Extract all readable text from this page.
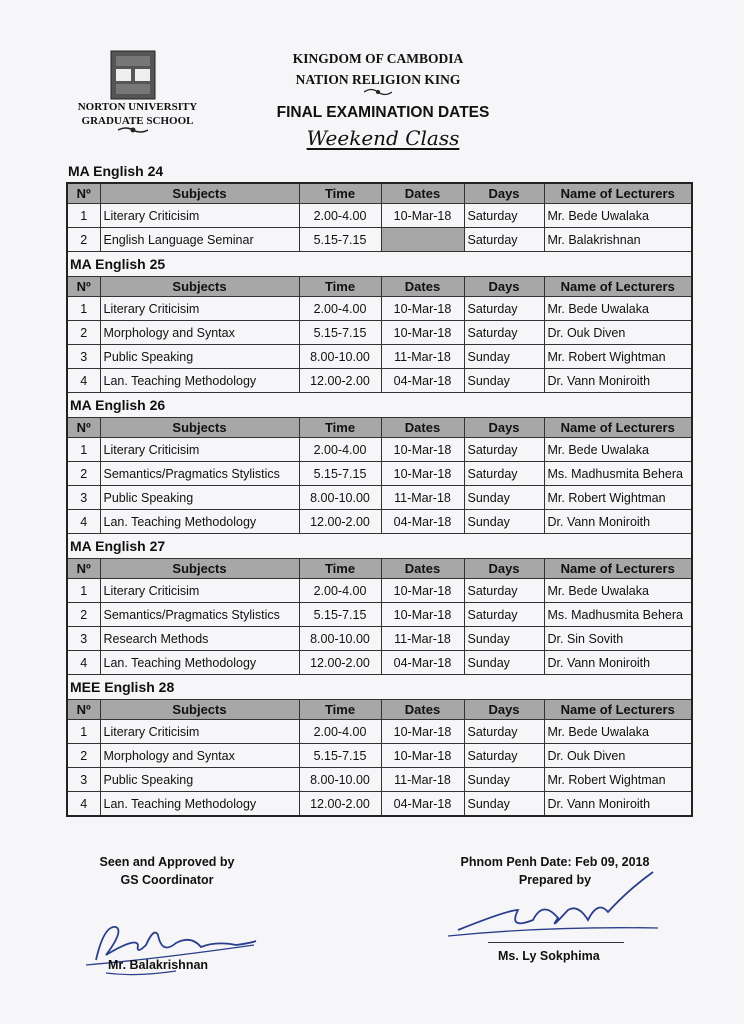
NORTON UNIVERSITY
GRADUATE SCHOOL
KINGDOM OF CAMBODIA
NATION RELIGION KING
FINAL EXAMINATION DATES
Weekend Class
MA English 24
Nº	Subjects	Time	Dates	Days	Name of Lecturers
1	Literary Criticisim	2.00-4.00	10-Mar-18	Saturday	Mr. Bede Uwalaka
2	English Language Seminar	5.15-7.15		Saturday	Mr. Balakrishnan
MA English 25					
Nº	Subjects	Time	Dates	Days	Name of Lecturers
1	Literary Criticisim	2.00-4.00	10-Mar-18	Saturday	Mr. Bede Uwalaka
2	Morphology and Syntax	5.15-7.15	10-Mar-18	Saturday	Dr. Ouk Diven
3	Public Speaking	8.00-10.00	11-Mar-18	Sunday	Mr. Robert Wightman
4	Lan. Teaching Methodology	12.00-2.00	04-Mar-18	Sunday	Dr. Vann Moniroith
MA English 26					
Nº	Subjects	Time	Dates	Days	Name of Lecturers
1	Literary Criticisim	2.00-4.00	10-Mar-18	Saturday	Mr. Bede Uwalaka
2	Semantics/Pragmatics Stylistics	5.15-7.15	10-Mar-18	Saturday	Ms. Madhusmita Behera
3	Public Speaking	8.00-10.00	11-Mar-18	Sunday	Mr. Robert Wightman
4	Lan. Teaching Methodology	12.00-2.00	04-Mar-18	Sunday	Dr. Vann Moniroith
MA English 27					
Nº	Subjects	Time	Dates	Days	Name of Lecturers
1	Literary Criticisim	2.00-4.00	10-Mar-18	Saturday	Mr. Bede Uwalaka
2	Semantics/Pragmatics Stylistics	5.15-7.15	10-Mar-18	Saturday	Ms. Madhusmita Behera
3	Research Methods	8.00-10.00	11-Mar-18	Sunday	Dr. Sin Sovith
4	Lan. Teaching Methodology	12.00-2.00	04-Mar-18	Sunday	Dr. Vann Moniroith
MEE English 28					
Nº	Subjects	Time	Dates	Days	Name of Lecturers
1	Literary Criticisim	2.00-4.00	10-Mar-18	Saturday	Mr. Bede Uwalaka
2	Morphology and Syntax	5.15-7.15	10-Mar-18	Saturday	Dr. Ouk Diven
3	Public Speaking	8.00-10.00	11-Mar-18	Sunday	Mr. Robert Wightman
4	Lan. Teaching Methodology	12.00-2.00	04-Mar-18	Sunday	Dr. Vann Moniroith
Seen and Approved by
GS Coordinator
Phnom Penh Date: Feb 09, 2018
Prepared by
Mr. Balakrishnan
Ms. Ly Sokphima
